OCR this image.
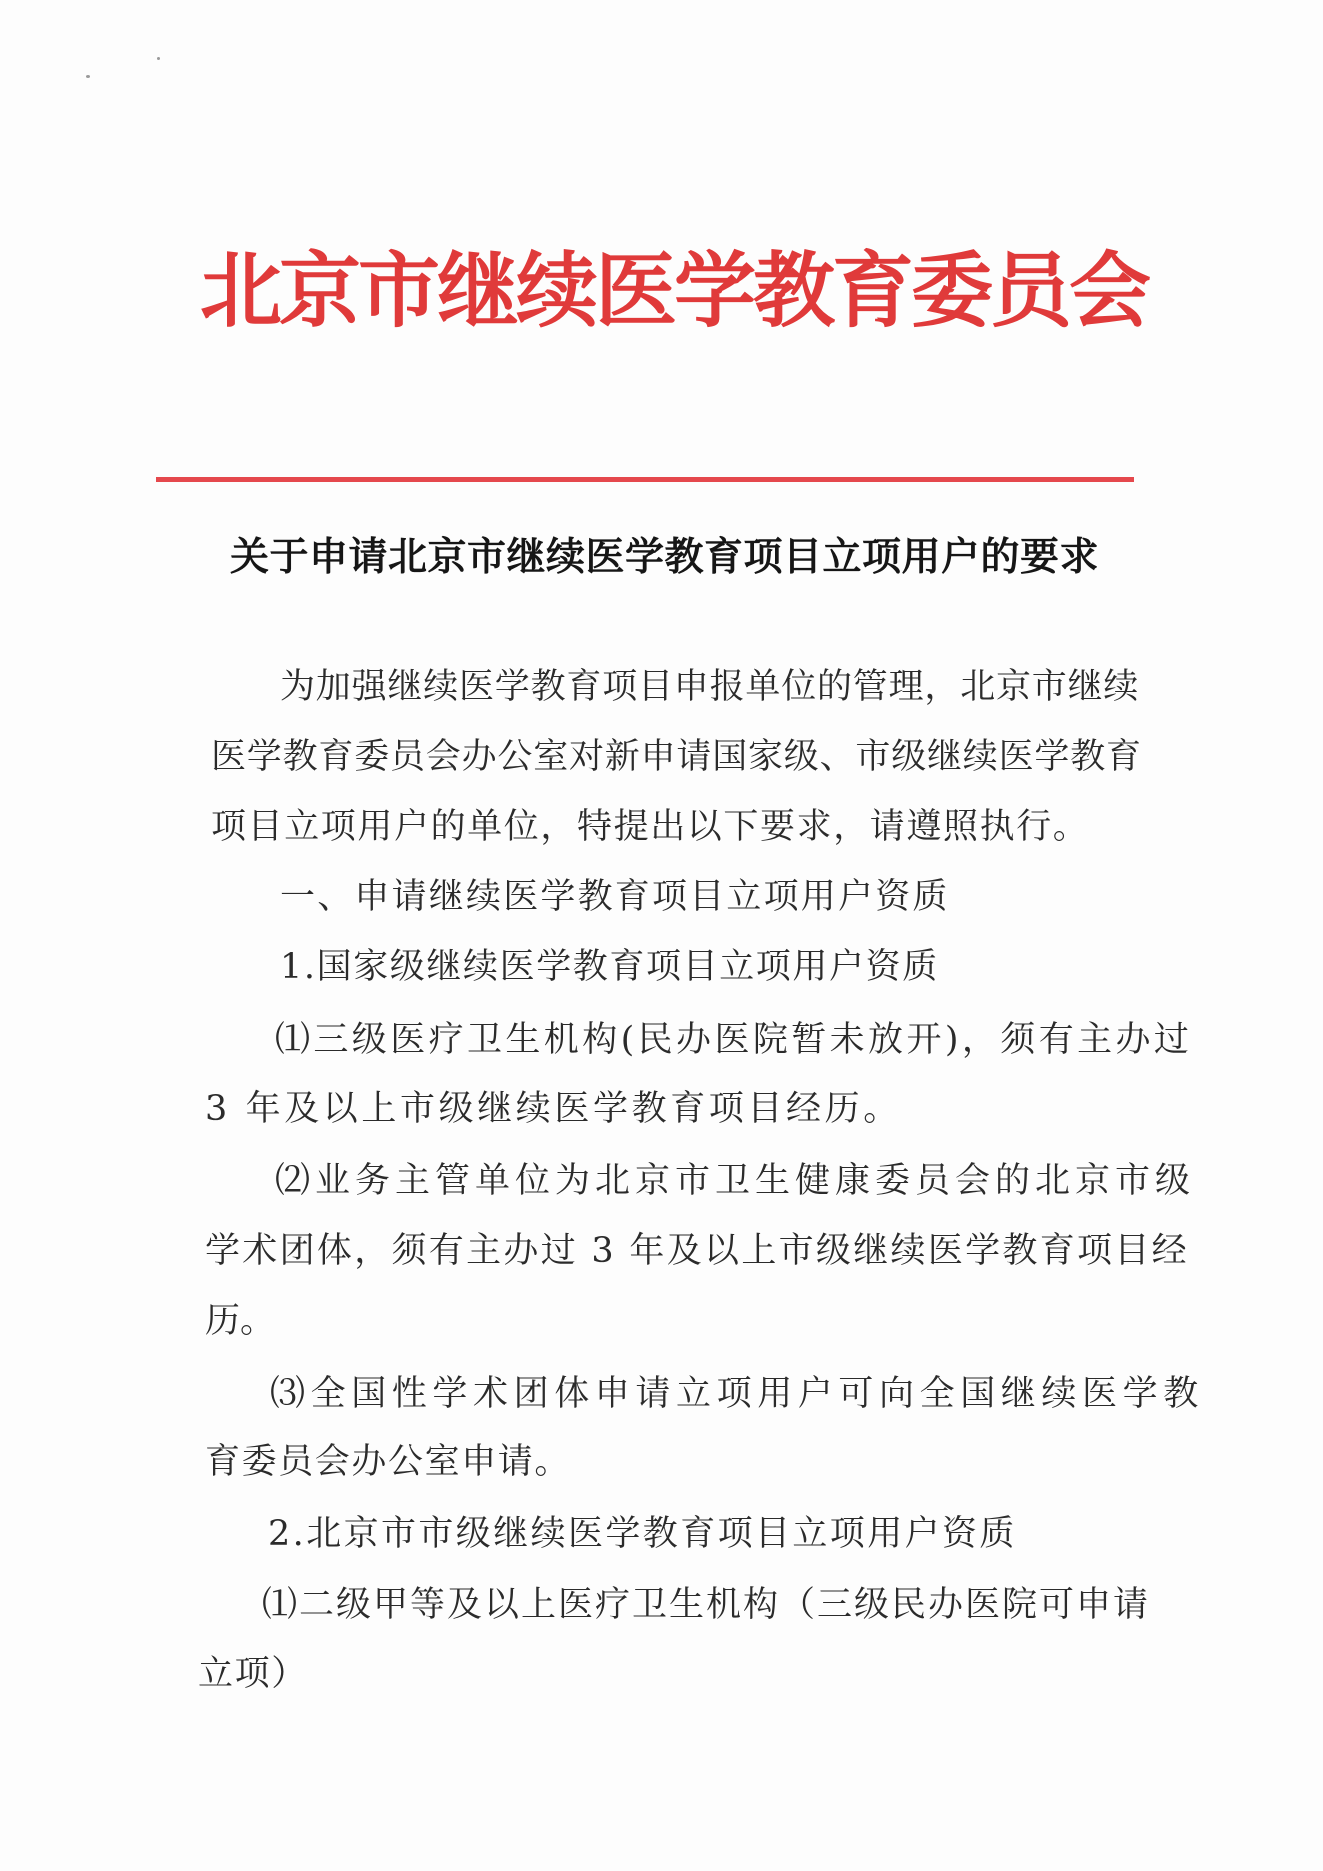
北京市继续医学教育委员会
关于申请北京市继续医学教育项目立项用户的要求
为加强继续医学教育项目申报单位的管理，北京市继续
医学教育委员会办公室对新申请国家级、市级继续医学教育
项目立项用户的单位，特提出以下要求，请遵照执行。
一、申请继续医学教育项目立项用户资质
1.国家级继续医学教育项目立项用户资质
⑴三级医疗卫生机构(民办医院暂未放开)，须有主办过
3 年及以上市级继续医学教育项目经历。
⑵业务主管单位为北京市卫生健康委员会的北京市级
学术团体，须有主办过 3 年及以上市级继续医学教育项目经
历。
⑶全国性学术团体申请立项用户可向全国继续医学教
育委员会办公室申请。
2.北京市市级继续医学教育项目立项用户资质
⑴二级甲等及以上医疗卫生机构（三级民办医院可申请
立项）
